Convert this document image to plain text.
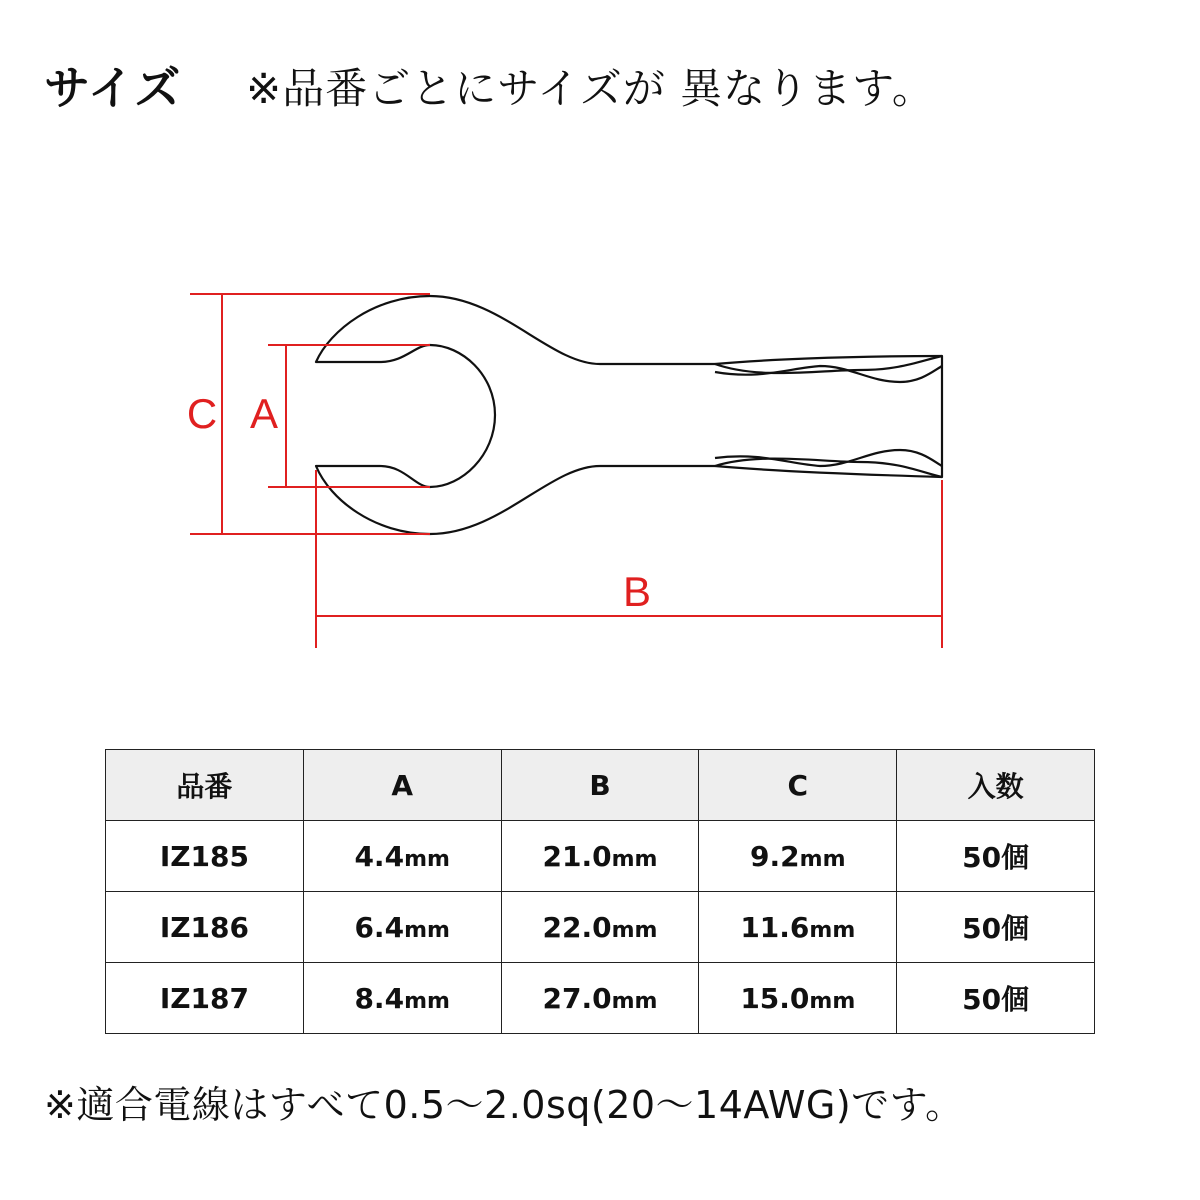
サイズ ※品番ごとにサイズが 異なります。
C A
B
品番	A	B	C	入数
IZ185	4.4mm	21.0mm	9.2mm	50個
IZ186	6.4mm	22.0mm	11.6mm	50個
IZ187	8.4mm	27.0mm	15.0mm	50個
※適合電線はすべて0.5〜2.0sq(20〜14AWG)です。
